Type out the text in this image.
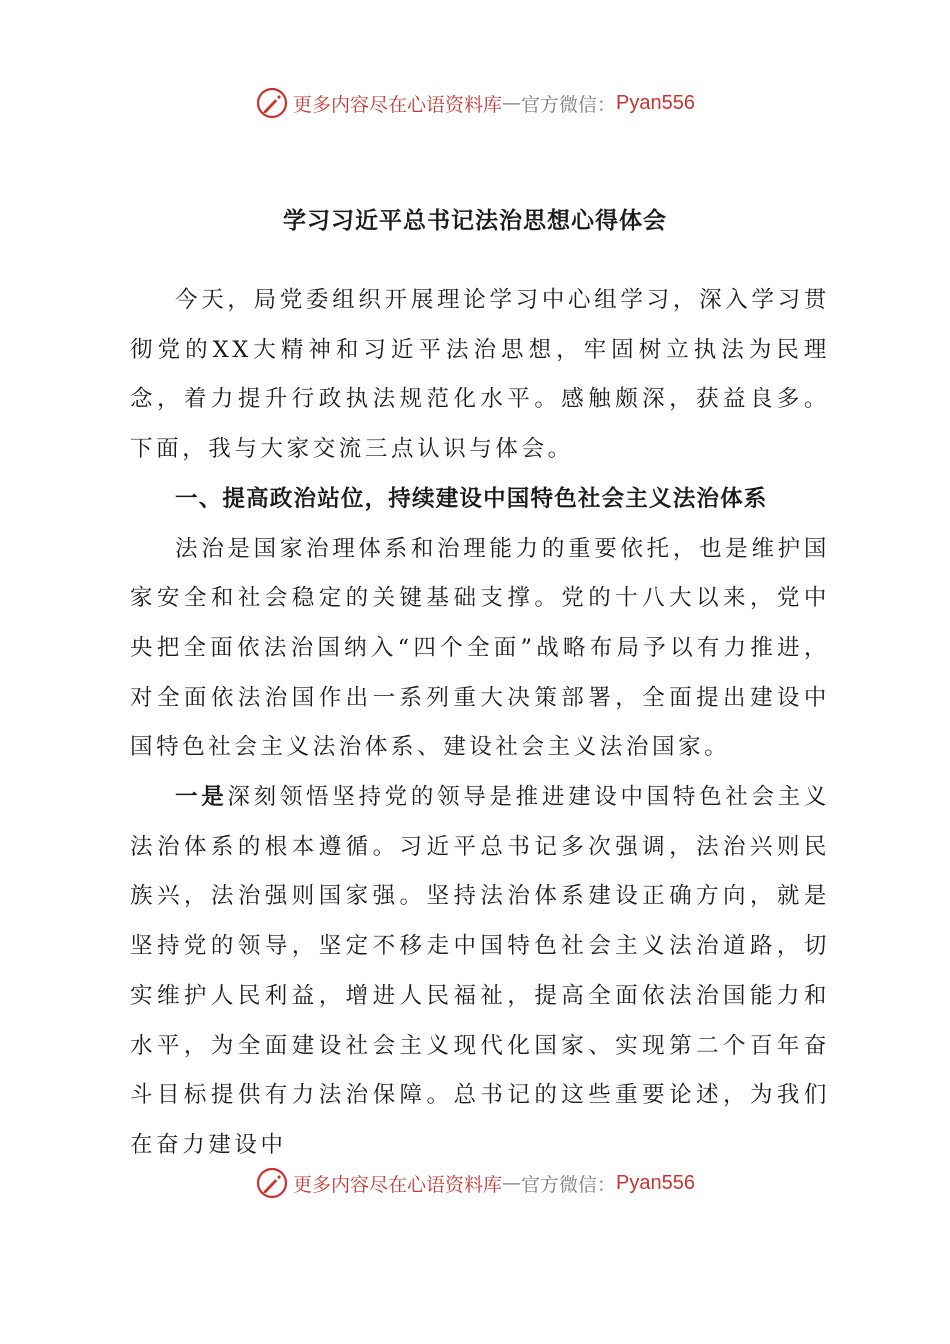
更多内容尽在心语资料库 — 官方微信： Pyan556
学习习近平总书记法治思想心得体会

今天，局党委组织开展理论学习中心组学习，深入学习贯彻党的XX大精神和习近平法治思想，牢固树立执法为民理念，着力提升行政执法规范化水平。感触颇深，获益良多。下面，我与大家交流三点认识与体会。

一、提高政治站位，持续建设中国特色社会主义法治体系

法治是国家治理体系和治理能力的重要依托，也是维护国家安全和社会稳定的关键基础支撑。党的十八大以来，党中央把全面依法治国纳入“四个全面”战略布局予以有力推进，对全面依法治国作出一系列重大决策部署，全面提出建设中国特色社会主义法治体系、建设社会主义法治国家。

一是深刻领悟坚持党的领导是推进建设中国特色社会主义法治体系的根本遵循。习近平总书记多次强调，法治兴则民族兴，法治强则国家强。坚持法治体系建设正确方向，就是坚持党的领导，坚定不移走中国特色社会主义法治道路，切实维护人民利益，增进人民福祉，提高全面依法治国能力和水平，为全面建设社会主义现代化国家、实现第二个百年奋斗目标提供有力法治保障。总书记的这些重要论述，为我们在奋力建设中

更多内容尽在心语资料库 — 官方微信： Pyan556
